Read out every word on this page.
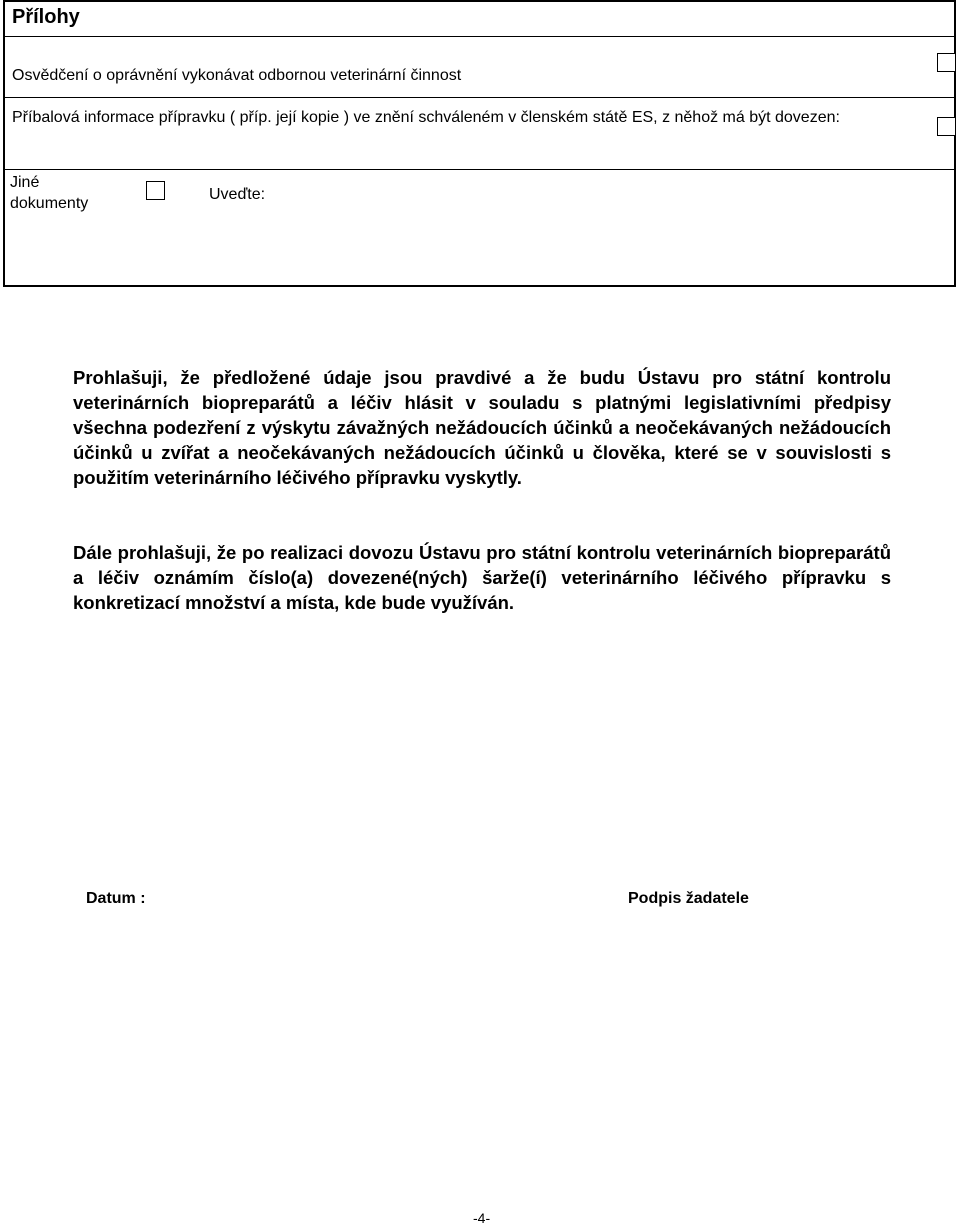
Přílohy
Osvědčení o oprávnění vykonávat odbornou veterinární činnost
Příbalová informace přípravku ( příp. její kopie ) ve znění schváleném v členském státě ES, z něhož má být dovezen:
Jiné dokumenty
Uveďte:

Prohlašuji, že předložené údaje jsou pravdivé a že budu Ústavu pro státní kontrolu veterinárních biopreparátů a léčiv hlásit v souladu s platnými legislativními předpisy všechna podezření z výskytu závažných nežádoucích účinků a neočekávaných nežádoucích účinků u zvířat a neočekávaných nežádoucích účinků u člověka, které se v souvislosti s použitím veterinárního léčivého přípravku vyskytly.

Dále prohlašuji, že po realizaci dovozu Ústavu pro státní kontrolu veterinárních biopreparátů a léčiv oznámím číslo(a) dovezené(ných) šarže(í) veterinárního léčivého přípravku s konkretizací množství a místa, kde bude využíván.

Datum :	Podpis žadatele
-4-
